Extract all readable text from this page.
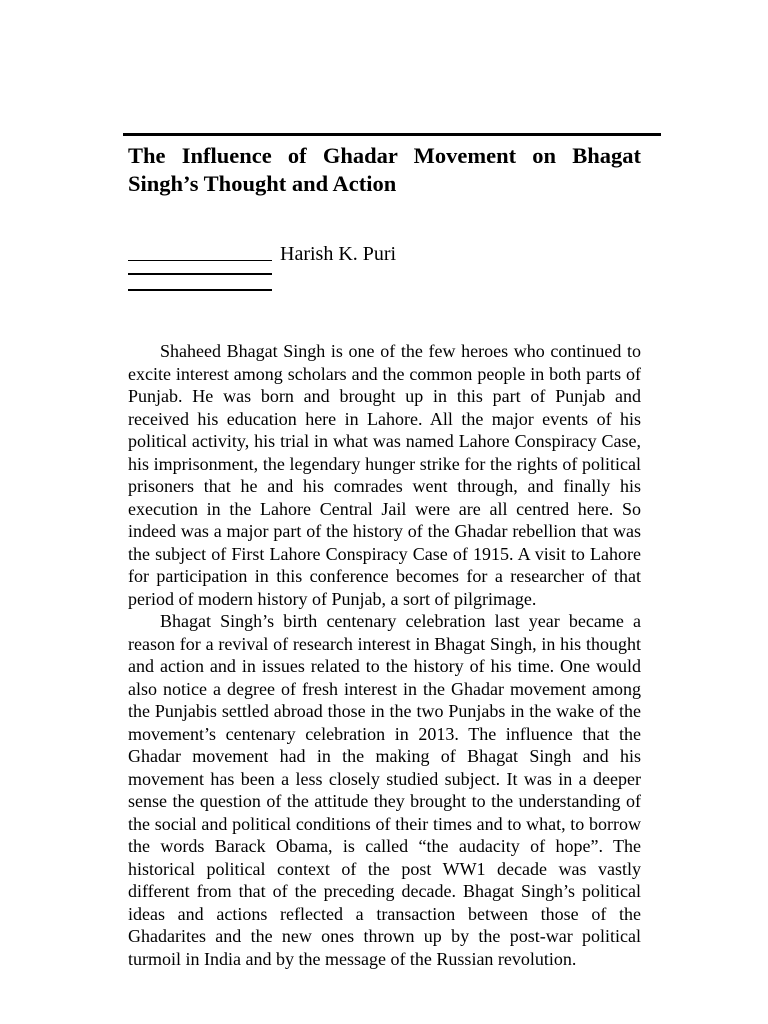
The Influence of Ghadar Movement on Bhagat Singh’s Thought and Action
Harish K. Puri

Shaheed Bhagat Singh is one of the few heroes who continued to excite interest among scholars and the common people in both parts of Punjab. He was born and brought up in this part of Punjab and received his education here in Lahore. All the major events of his political activity, his trial in what was named Lahore Conspiracy Case, his imprisonment, the legendary hunger strike for the rights of political prisoners that he and his comrades went through, and finally his execution in the Lahore Central Jail were are all centred here. So indeed was a major part of the history of the Ghadar rebellion that was the subject of First Lahore Conspiracy Case of 1915. A visit to Lahore for participation in this conference becomes for a researcher of that period of modern history of Punjab, a sort of pilgrimage.

Bhagat Singh’s birth centenary celebration last year became a reason for a revival of research interest in Bhagat Singh, in his thought and action and in issues related to the history of his time. One would also notice a degree of fresh interest in the Ghadar movement among the Punjabis settled abroad those in the two Punjabs in the wake of the movement’s centenary celebration in 2013. The influence that the Ghadar movement had in the making of Bhagat Singh and his movement has been a less closely studied subject. It was in a deeper sense the question of the attitude they brought to the understanding of the social and political conditions of their times and to what, to borrow the words Barack Obama, is called “the audacity of hope”. The historical political context of the post WW1 decade was vastly different from that of the preceding decade. Bhagat Singh’s political ideas and actions reflected a transaction between those of the Ghadarites and the new ones thrown up by the post-war political turmoil in India and by the message of the Russian revolution.
